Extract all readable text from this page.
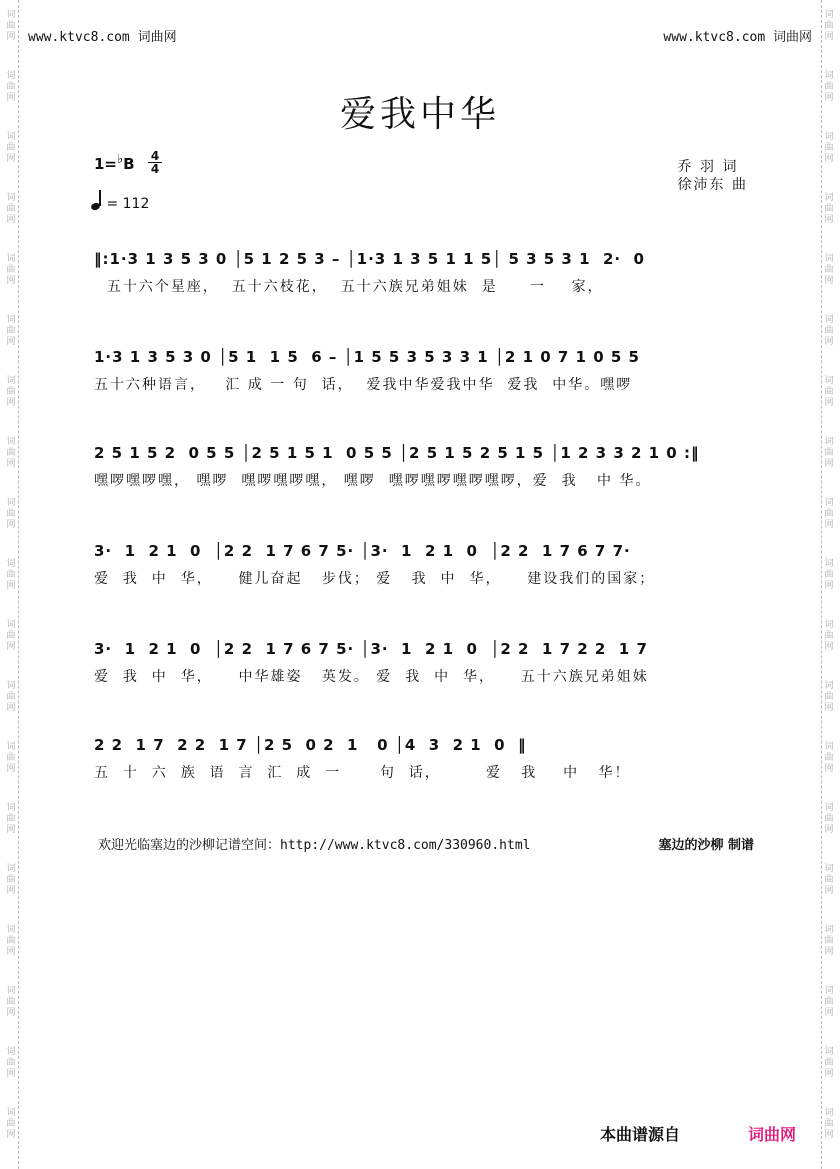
词
曲
网
词
曲
网
词
曲
网
词
曲
网
词
曲
网
词
曲
网
词
曲
网
词
曲
网
词
曲
网
词
曲
网
词
曲
网
词
曲
网
词
曲
网
词
曲
网
词
曲
网
词
曲
网
词
曲
网
词
曲
网
词
曲
网
词
曲
网
词
曲
网
词
曲
网
词
曲
网
词
曲
网
词
曲
网
词
曲
网
词
曲
网
词
曲
网
词
曲
网
词
曲
网
词
曲
网
词
曲
网
词
曲
网
词
曲
网
词
曲
网
词
曲
网
词
曲
网
词
曲
网
www.ktvc8.com 词曲网	www.ktvc8.com 词曲网
爱我中华
1=♭B 4
4
= 112
乔 羽 词
徐沛东 曲
‖:1·3 1 3 5 3 0 │5 1 2 5 3 – │1·3 1 3 5 1 1 5│ 5 3 5 3 1  2·  0
五十六个星座，  五十六枝花，  五十六族兄弟姐妹  是     一    家，
1·3 1 3 5 3 0 │5 1  1 5  6 – │1 5 5 3 5 3 3 1 │2 1 0 7 1 0 5 5
五十六种语言，   汇 成 一 句  话，  爱我中华爱我中华  爱我  中华。嘿啰
2 5 1 5 2  0 5 5 │2 5 1 5 1  0 5 5 │2 5 1 5 2 5 1 5 │1 2 3 3 2 1 0 :‖
嘿啰嘿啰嘿， 嘿啰  嘿啰嘿啰嘿， 嘿啰  嘿啰嘿啰嘿啰嘿啰，爱  我   中 华。
3·  1  2 1  0  │2 2  1 7 6 7 5· │3·  1  2 1  0  │2 2  1 7 6 7 7·
爱  我  中  华，    健儿奋起   步伐； 爱   我  中  华，    建设我们的国家；
3·  1  2 1  0  │2 2  1 7 6 7 5· │3·  1  2 1  0  │2 2  1 7 2 2  1 7
爱  我  中  华，    中华雄姿   英发。 爱  我  中  华，    五十六族兄弟姐妹
2 2  1 7  2 2  1 7 │2 5  0 2  1   0 │4  3  2 1  0  ‖
五  十  六  族  语  言  汇  成  一      句  话，       爱   我    中   华！
欢迎光临塞边的沙柳记谱空间：http://www.ktvc8.com/330960.html	塞边的沙柳 制谱
本曲谱源自	词曲网
